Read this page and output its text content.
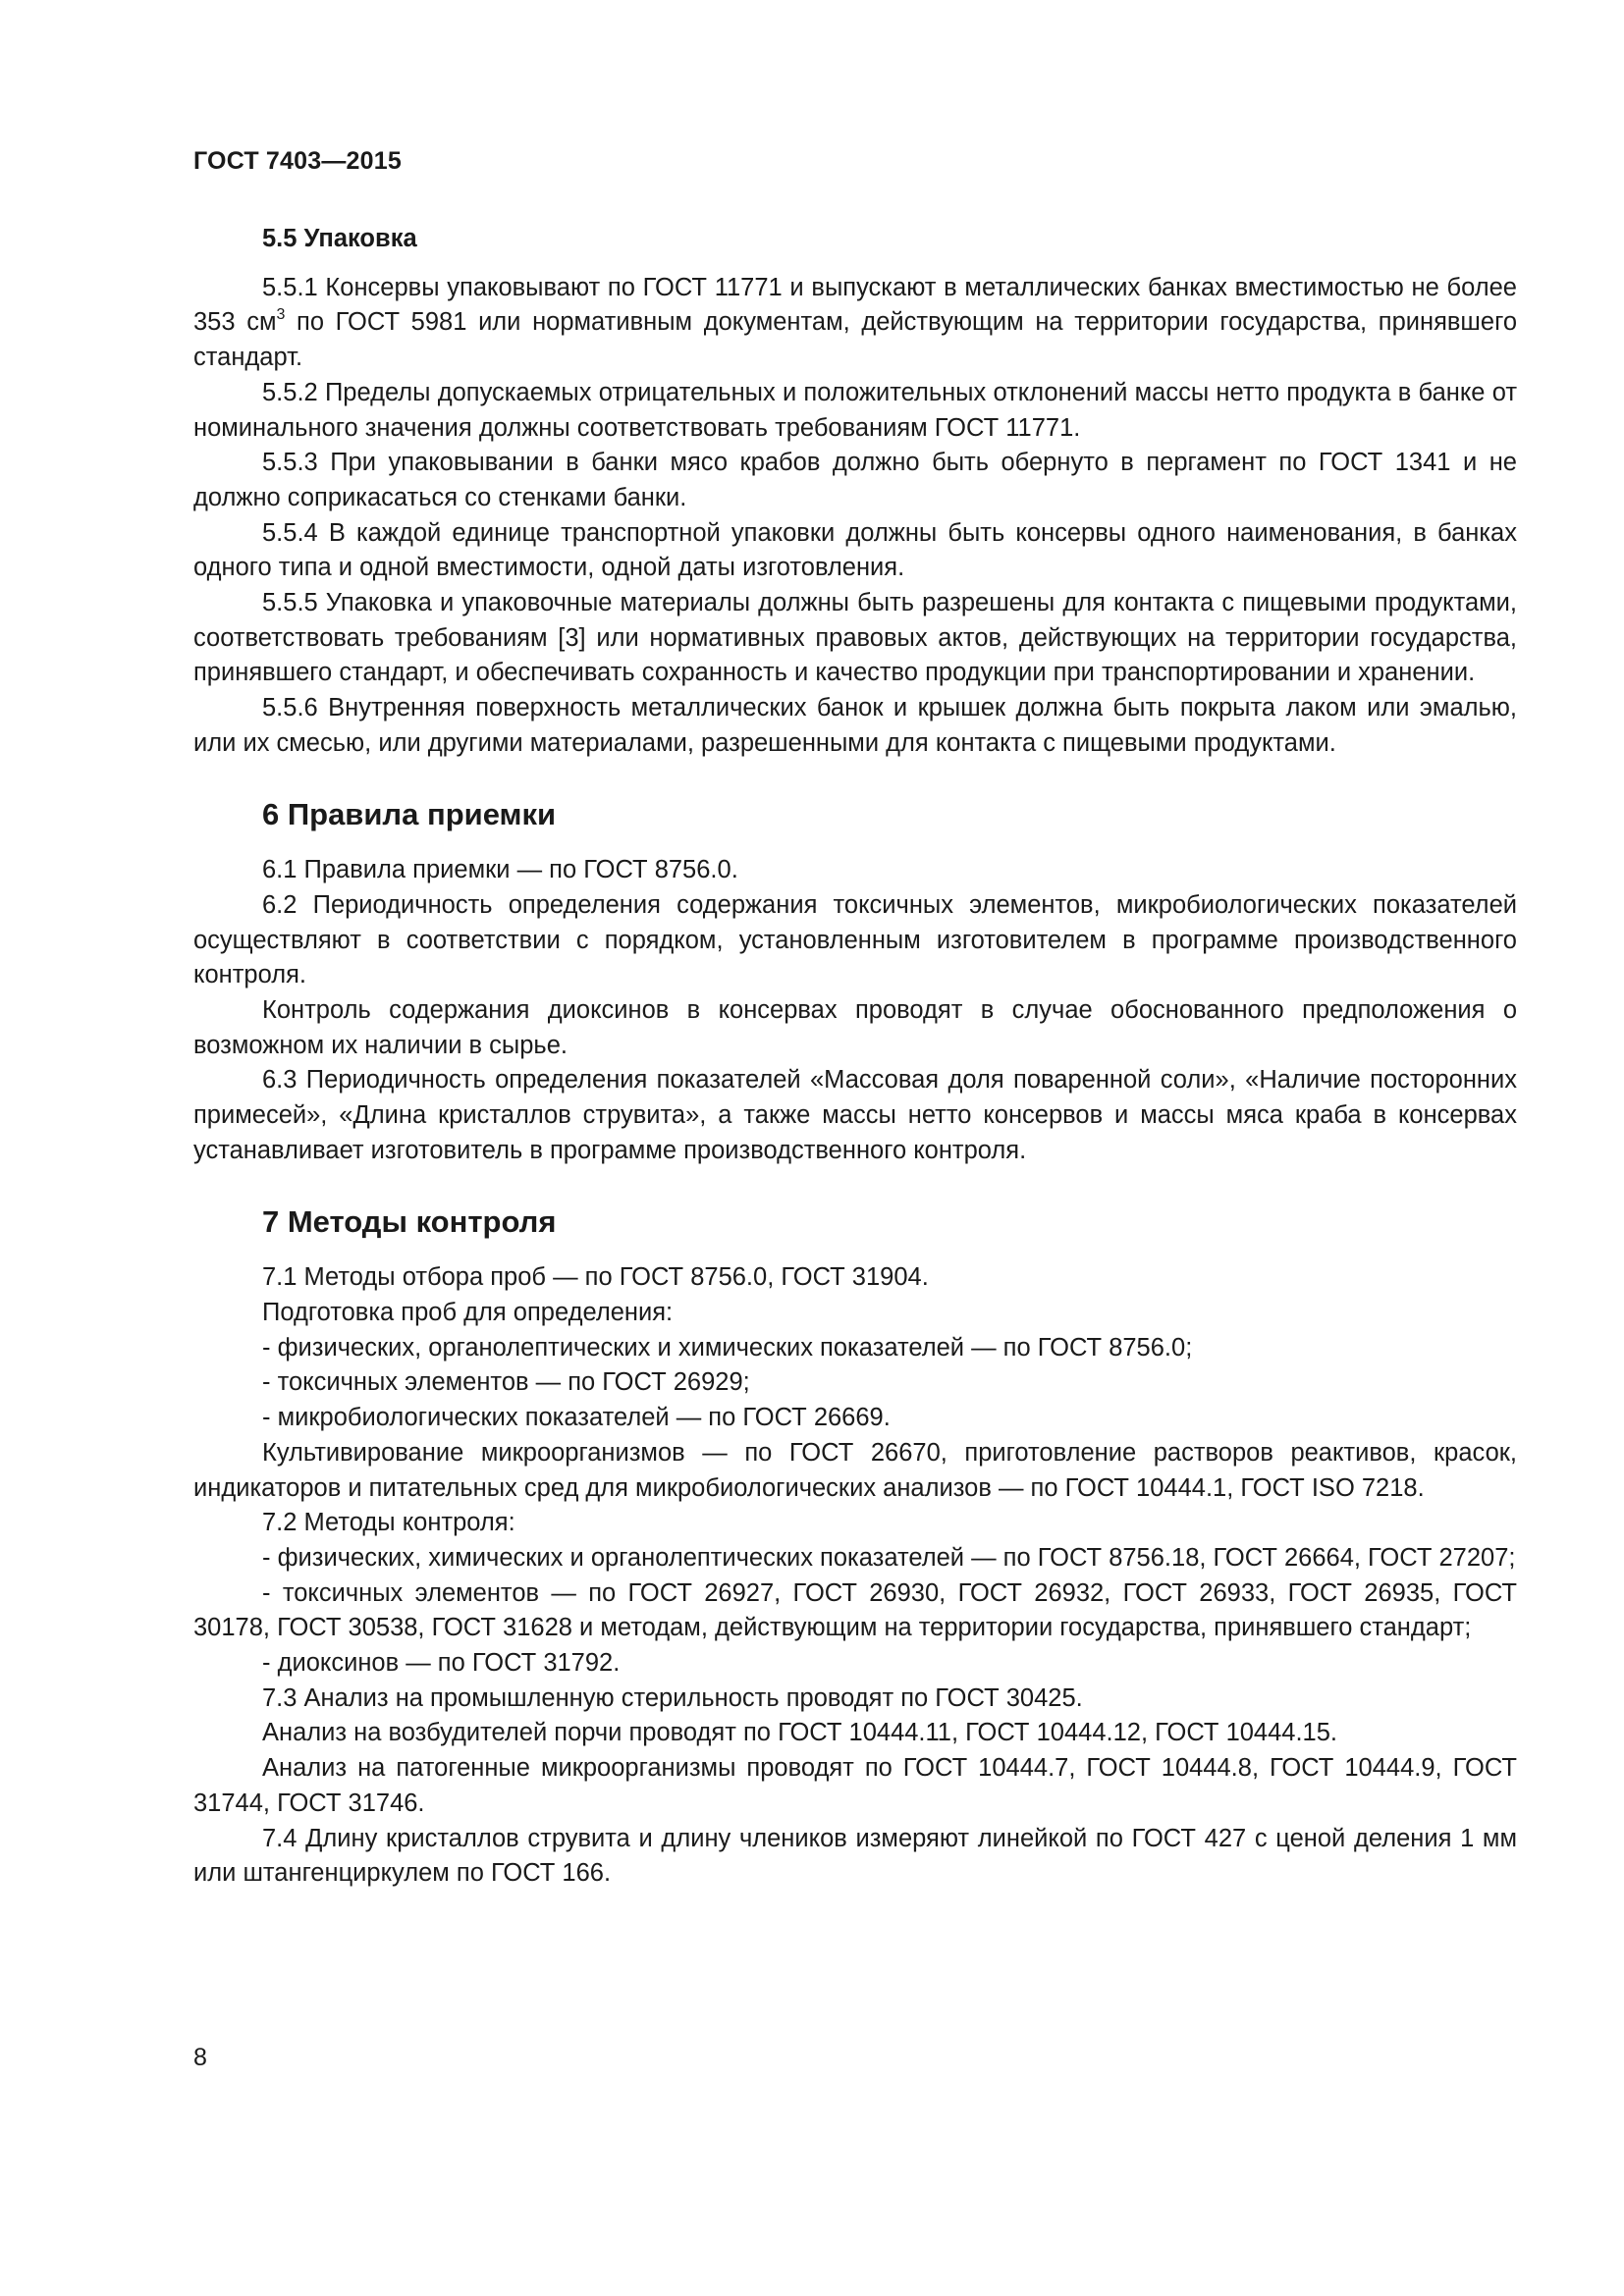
ГОСТ 7403—2015

5.5 Упаковка

5.5.1 Консервы упаковывают по ГОСТ 11771 и выпускают в металлических банках вместимостью не более 353 $см^3$ по ГОСТ 5981 или нормативным документам, действующим на территории государства, принявшего стандарт.

5.5.2 Пределы допускаемых отрицательных и положительных отклонений массы нетто продукта в банке от номинального значения должны соответствовать требованиям ГОСТ 11771.

5.5.3 При упаковывании в банки мясо крабов должно быть обернуто в пергамент по ГОСТ 1341 и не должно соприкасаться со стенками банки.

5.5.4 В каждой единице транспортной упаковки должны быть консервы одного наименования, в банках одного типа и одной вместимости, одной даты изготовления.

5.5.5 Упаковка и упаковочные материалы должны быть разрешены для контакта с пищевыми продуктами, соответствовать требованиям [3] или нормативных правовых актов, действующих на территории государства, принявшего стандарт, и обеспечивать сохранность и качество продукции при транспортировании и хранении.

5.5.6 Внутренняя поверхность металлических банок и крышек должна быть покрыта лаком или эмалью, или их смесью, или другими материалами, разрешенными для контакта с пищевыми продуктами.

6 Правила приемки

6.1 Правила приемки — по ГОСТ 8756.0.

6.2 Периодичность определения содержания токсичных элементов, микробиологических показателей осуществляют в соответствии с порядком, установленным изготовителем в программе производственного контроля.

Контроль содержания диоксинов в консервах проводят в случае обоснованного предположения о возможном их наличии в сырье.

6.3 Периодичность определения показателей «Массовая доля поваренной соли», «Наличие посторонних примесей», «Длина кристаллов струвита», а также массы нетто консервов и массы мяса краба в консервах устанавливает изготовитель в программе производственного контроля.

7 Методы контроля

7.1 Методы отбора проб — по ГОСТ 8756.0, ГОСТ 31904.

Подготовка проб для определения:

- физических, органолептических и химических показателей — по ГОСТ 8756.0;

- токсичных элементов — по ГОСТ 26929;

- микробиологических показателей — по ГОСТ 26669.

Культивирование микроорганизмов — по ГОСТ 26670, приготовление растворов реактивов, красок, индикаторов и питательных сред для микробиологических анализов — по ГОСТ 10444.1, ГОСТ ISO 7218.

7.2 Методы контроля:

- физических, химических и органолептических показателей — по ГОСТ 8756.18, ГОСТ 26664, ГОСТ 27207;

- токсичных элементов — по ГОСТ 26927, ГОСТ 26930, ГОСТ 26932, ГОСТ 26933, ГОСТ 26935, ГОСТ 30178, ГОСТ 30538, ГОСТ 31628 и методам, действующим на территории государства, принявшего стандарт;

- диоксинов — по ГОСТ 31792.

7.3 Анализ на промышленную стерильность проводят по ГОСТ 30425.

Анализ на возбудителей порчи проводят по ГОСТ 10444.11, ГОСТ 10444.12, ГОСТ 10444.15.

Анализ на патогенные микроорганизмы проводят по ГОСТ 10444.7, ГОСТ 10444.8, ГОСТ 10444.9, ГОСТ 31744, ГОСТ 31746.

7.4 Длину кристаллов струвита и длину члеников измеряют линейкой по ГОСТ 427 с ценой деления 1 мм или штангенциркулем по ГОСТ 166.

8
